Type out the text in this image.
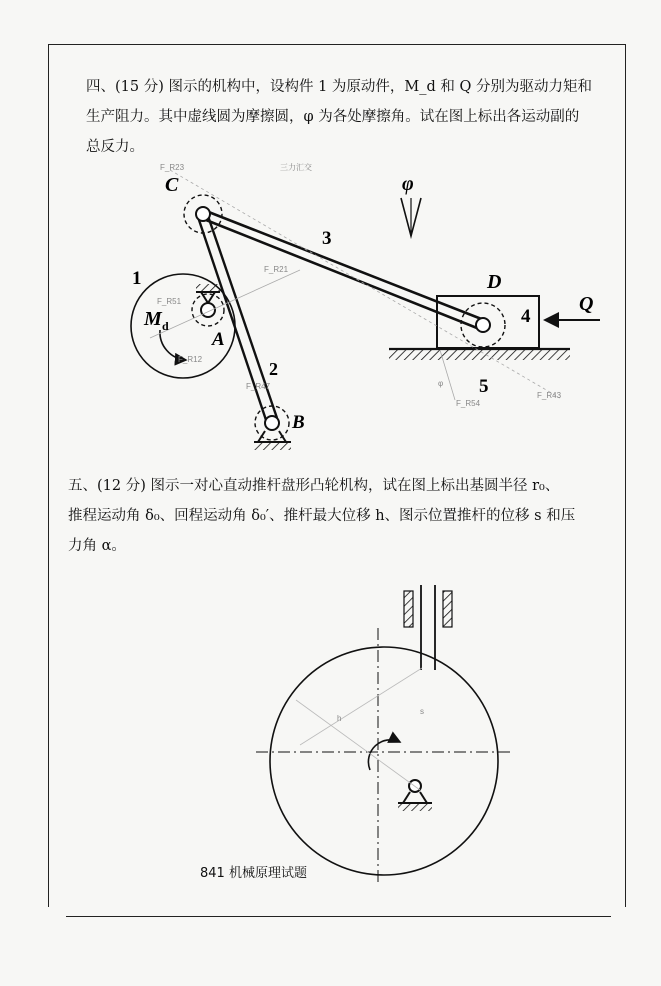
四、(15 分) 图示的机构中，设构件 1 为原动件，M_d 和 Q 分别为驱动力矩和
生产阻力。其中虚线圆为摩擦圆，φ 为各处摩擦角。试在图上标出各运动副的
总反力。
五、(12 分) 图示一对心直动推杆盘形凸轮机构，试在图上标出基圆半径 r₀、
推程运动角 δ₀、回程运动角 δ₀′、推杆最大位移 h、图示位置推杆的位移 s 和压
力角 α。
C
D
A
B
1
2
3
4
5
M d
Q
φ
三力汇交
F_R23
F_R21
F_R51
F_R12
F_R47
F_R54
F_R43
φ
h
s
841 机械原理试题
